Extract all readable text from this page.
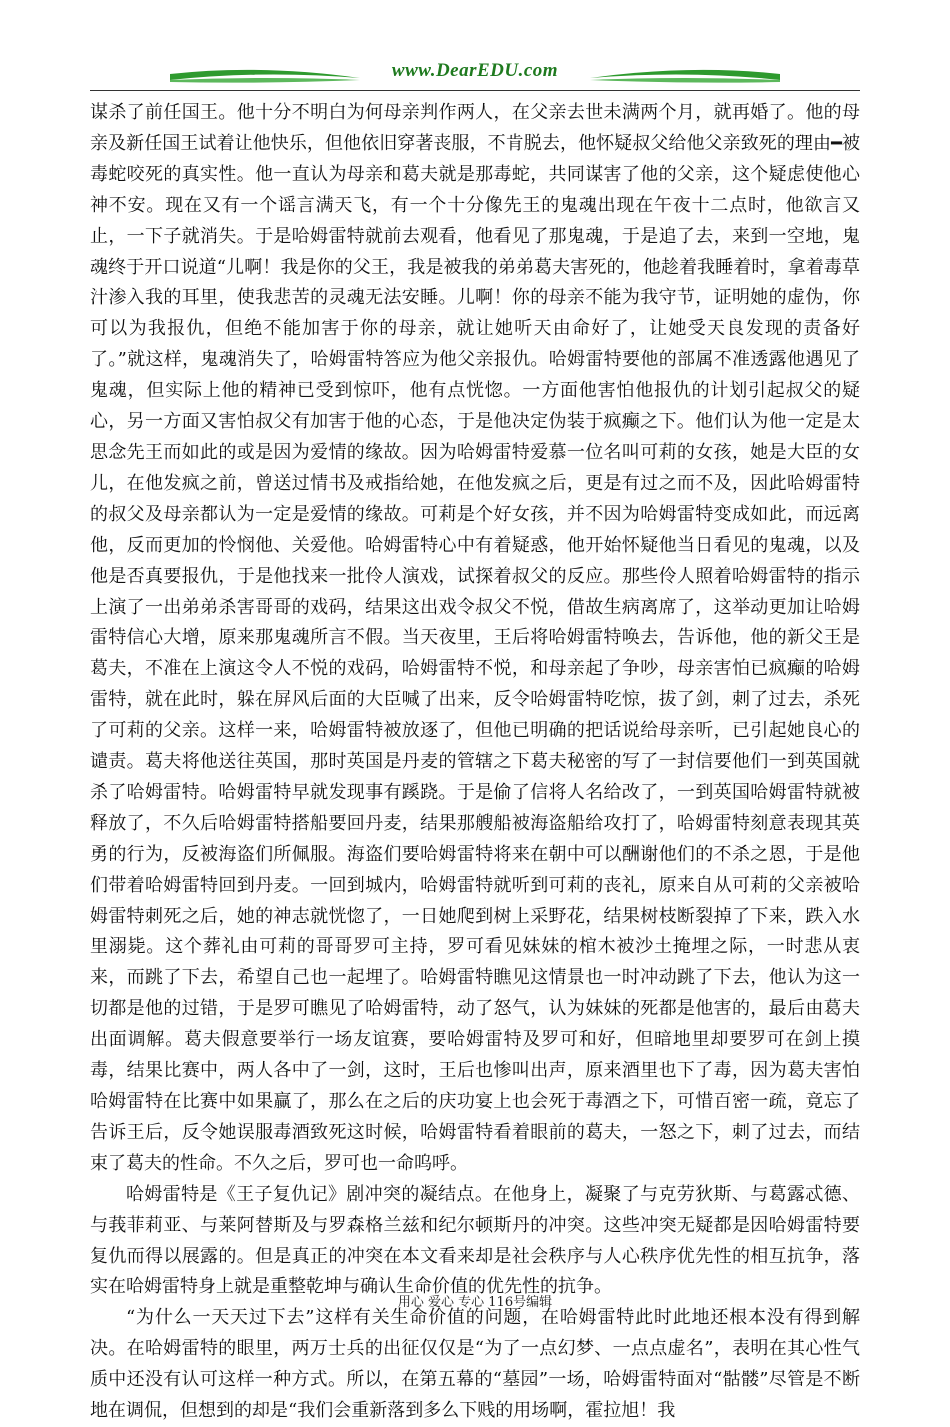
www.DearEDU.com

谋杀了前任国王。他十分不明白为何母亲判作两人，在父亲去世未满两个月，就再婚了。他的母亲及新任国王试着让他快乐，但他依旧穿著丧服，不肯脱去，他怀疑叔父给他父亲致死的理由━被毒蛇咬死的真实性。他一直认为母亲和葛夫就是那毒蛇，共同谋害了他的父亲，这个疑虑使他心神不安。现在又有一个谣言满天飞，有一个十分像先王的鬼魂出现在午夜十二点时，他欲言又止，一下子就消失。于是哈姆雷特就前去观看，他看见了那鬼魂，于是追了去，来到一空地，鬼魂终于开口说道“儿啊！我是你的父王，我是被我的弟弟葛夫害死的，他趁着我睡着时，拿着毒草汁渗入我的耳里，使我悲苦的灵魂无法安睡。儿啊！你的母亲不能为我守节，证明她的虚伪，你可以为我报仇，但绝不能加害于你的母亲，就让她听天由命好了，让她受天良发现的责备好了。”就这样，鬼魂消失了，哈姆雷特答应为他父亲报仇。哈姆雷特要他的部属不准透露他遇见了鬼魂，但实际上他的精神已受到惊吓，他有点恍惚。一方面他害怕他报仇的计划引起叔父的疑心，另一方面又害怕叔父有加害于他的心态，于是他决定伪装于疯癫之下。他们认为他一定是太思念先王而如此的或是因为爱情的缘故。因为哈姆雷特爱慕一位名叫可莉的女孩，她是大臣的女儿，在他发疯之前，曾送过情书及戒指给她，在他发疯之后，更是有过之而不及，因此哈姆雷特的叔父及母亲都认为一定是爱情的缘故。可莉是个好女孩，并不因为哈姆雷特变成如此，而远离他，反而更加的怜悯他、关爱他。哈姆雷特心中有着疑惑，他开始怀疑他当日看见的鬼魂，以及他是否真要报仇，于是他找来一批伶人演戏，试探着叔父的反应。那些伶人照着哈姆雷特的指示上演了一出弟弟杀害哥哥的戏码，结果这出戏令叔父不悦，借故生病离席了，这举动更加让哈姆雷特信心大增，原来那鬼魂所言不假。当天夜里，王后将哈姆雷特唤去，告诉他，他的新父王是葛夫，不准在上演这令人不悦的戏码，哈姆雷特不悦，和母亲起了争吵，母亲害怕已疯癫的哈姆雷特，就在此时，躲在屏风后面的大臣喊了出来，反令哈姆雷特吃惊，拔了剑，刺了过去，杀死了可莉的父亲。这样一来，哈姆雷特被放逐了，但他已明确的把话说给母亲听，已引起她良心的谴责。葛夫将他送往英国，那时英国是丹麦的管辖之下葛夫秘密的写了一封信要他们一到英国就杀了哈姆雷特。哈姆雷特早就发现事有蹊跷。于是偷了信将人名给改了，一到英国哈姆雷特就被释放了，不久后哈姆雷特搭船要回丹麦，结果那艘船被海盗船给攻打了，哈姆雷特刻意表现其英勇的行为，反被海盗们所佩服。海盗们要哈姆雷特将来在朝中可以酬谢他们的不杀之恩，于是他们带着哈姆雷特回到丹麦。一回到城内，哈姆雷特就听到可莉的丧礼，原来自从可莉的父亲被哈姆雷特刺死之后，她的神志就恍惚了，一日她爬到树上采野花，结果树枝断裂掉了下来，跌入水里溺毙。这个葬礼由可莉的哥哥罗可主持，罗可看见妹妹的棺木被沙土掩埋之际，一时悲从衷来，而跳了下去，希望自己也一起埋了。哈姆雷特瞧见这情景也一时冲动跳了下去，他认为这一切都是他的过错，于是罗可瞧见了哈姆雷特，动了怒气，认为妹妹的死都是他害的，最后由葛夫出面调解。葛夫假意要举行一场友谊赛，要哈姆雷特及罗可和好，但暗地里却要罗可在剑上摸毒，结果比赛中，两人各中了一剑，这时，王后也惨叫出声，原来酒里也下了毒，因为葛夫害怕哈姆雷特在比赛中如果赢了，那么在之后的庆功宴上也会死于毒酒之下，可惜百密一疏，竟忘了告诉王后，反令她误服毒酒致死这时候，哈姆雷特看着眼前的葛夫，一怒之下，刺了过去，而结束了葛夫的性命。不久之后，罗可也一命呜呼。

哈姆雷特是《王子复仇记》剧冲突的凝结点。在他身上，凝聚了与克劳狄斯、与葛露忒德、与莪菲莉亚、与莱阿替斯及与罗森格兰兹和纪尔顿斯丹的冲突。这些冲突无疑都是因哈姆雷特要复仇而得以展露的。但是真正的冲突在本文看来却是社会秩序与人心秩序优先性的相互抗争，落实在哈姆雷特身上就是重整乾坤与确认生命价值的优先性的抗争。

“为什么一天天过下去”这样有关生命价值的问题，在哈姆雷特此时此地还根本没有得到解决。在哈姆雷特的眼里，两万士兵的出征仅仅是“为了一点幻梦、一点点虚名”，表明在其心性气质中还没有认可这样一种方式。所以，在第五幕的“墓园”一场，哈姆雷特面对“骷髅”尽管是不断地在调侃，但想到的却是“我们会重新落到多么下贱的用场啊，霍拉旭！我

用心 爱心 专心 116号编辑
